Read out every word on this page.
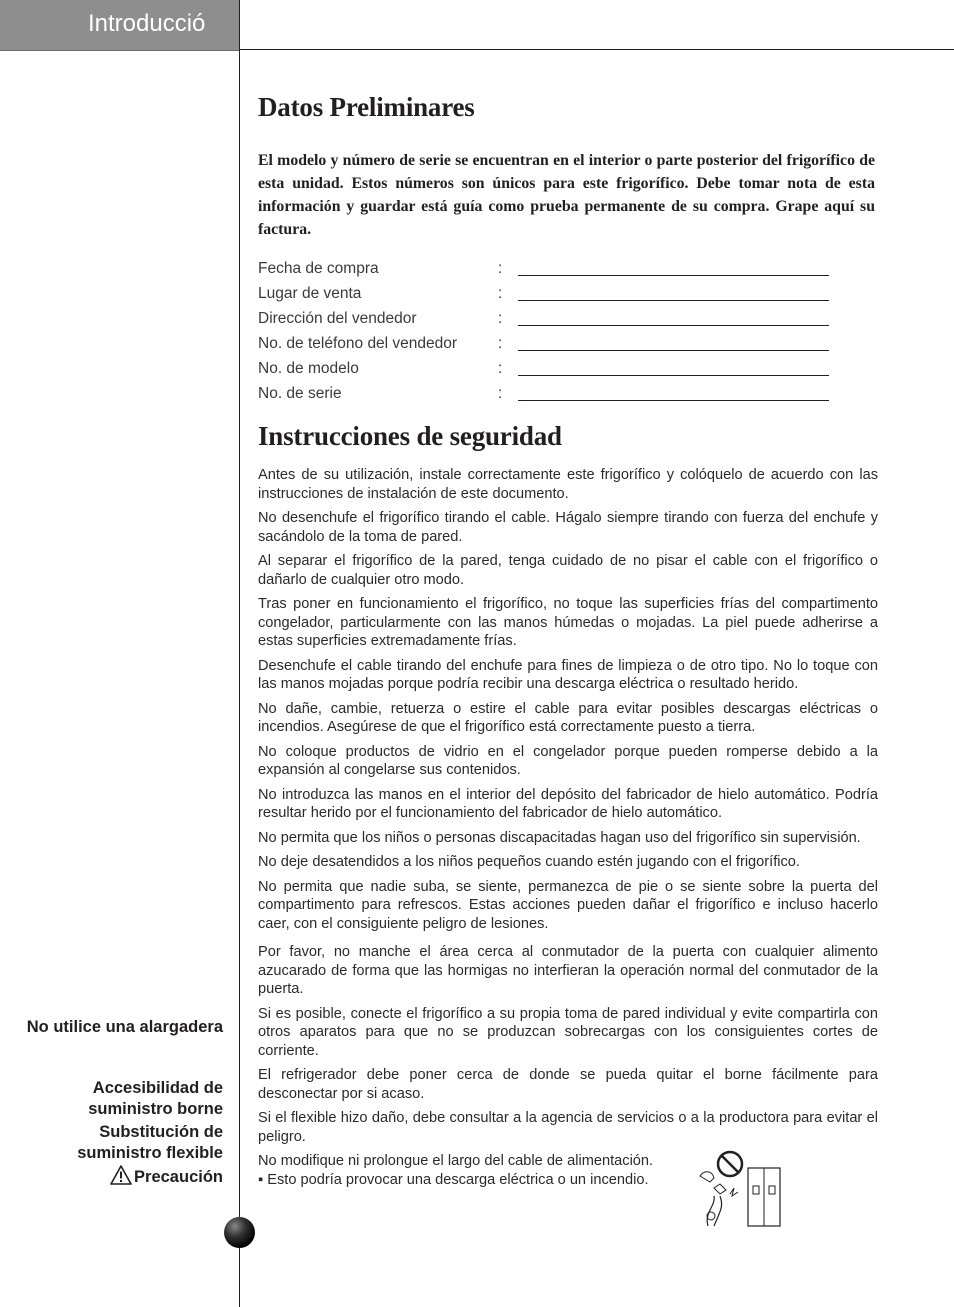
Introducció
Datos Preliminares

El modelo y número de serie se encuentran en el interior o parte posterior del frigorífico de esta unidad. Estos números son únicos para este frigorífico. Debe tomar nota de esta información y guardar está guía como prueba permanente de su compra. Grape aquí su factura.

Fecha de compra	:
Lugar de venta	:
Dirección del vendedor	:
No. de teléfono del vendedor	:
No. de modelo	:
No. de serie	:
Instrucciones de seguridad

Antes de su utilización, instale correctamente este frigorífico y colóquelo de acuerdo con las instrucciones de instalación de este documento.

No desenchufe el frigorífico tirando el cable. Hágalo siempre tirando con fuerza del enchufe y sacándolo de la toma de pared.

Al separar el frigorífico de la pared, tenga cuidado de no pisar el cable con el frigorífico o dañarlo de cualquier otro modo.

Tras poner en funcionamiento el frigorífico, no toque las superficies frías del compartimento congelador, particularmente con las manos húmedas o mojadas. La piel puede adherirse a estas superficies extremadamente frías.

Desenchufe el cable tirando del enchufe para fines de limpieza o de otro tipo. No lo toque con las manos mojadas porque podría recibir una descarga eléctrica o resultado herido.

No dañe, cambie, retuerza o estire el cable para evitar posibles descargas eléctricas o incendios. Asegúrese de que el frigorífico está correctamente puesto a tierra.

No coloque productos de vidrio en el congelador porque pueden romperse debido a la expansión al congelarse sus contenidos.

No introduzca las manos en el interior del depósito del fabricador de hielo automático. Podría resultar herido por el funcionamiento del fabricador de hielo automático.

No permita que los niños o personas discapacitadas hagan uso del frigorífico sin supervisión.

No deje desatendidos a los niños pequeños cuando estén jugando con el frigorífico.

No permita que nadie suba, se siente, permanezca de pie o se siente sobre la puerta del compartimento para refrescos. Estas acciones pueden dañar el frigorífico e incluso hacerlo caer, con el consiguiente peligro de lesiones.

Por favor, no manche el área cerca al conmutador de la puerta con cualquier alimento azucarado de forma que las hormigas no interfieran la operación normal del conmutador de la puerta.

Si es posible, conecte el frigorífico a su propia toma de pared individual y evite compartirla con otros aparatos para que no se produzcan sobrecargas con los consiguientes cortes de corriente.

El refrigerador debe poner cerca de donde se pueda quitar el borne fácilmente para desconectar por si acaso.

Si el flexible hizo daño, debe consultar a la agencia de servicios o a la productora para evitar el peligro.

No modifique ni prolongue el largo del cable de alimentación.

▪ Esto podría provocar una descarga eléctrica o un incendio.

No utilice una alargadera
Accesibilidad de suministro borne
Substitución de suministro flexible
Precaución
